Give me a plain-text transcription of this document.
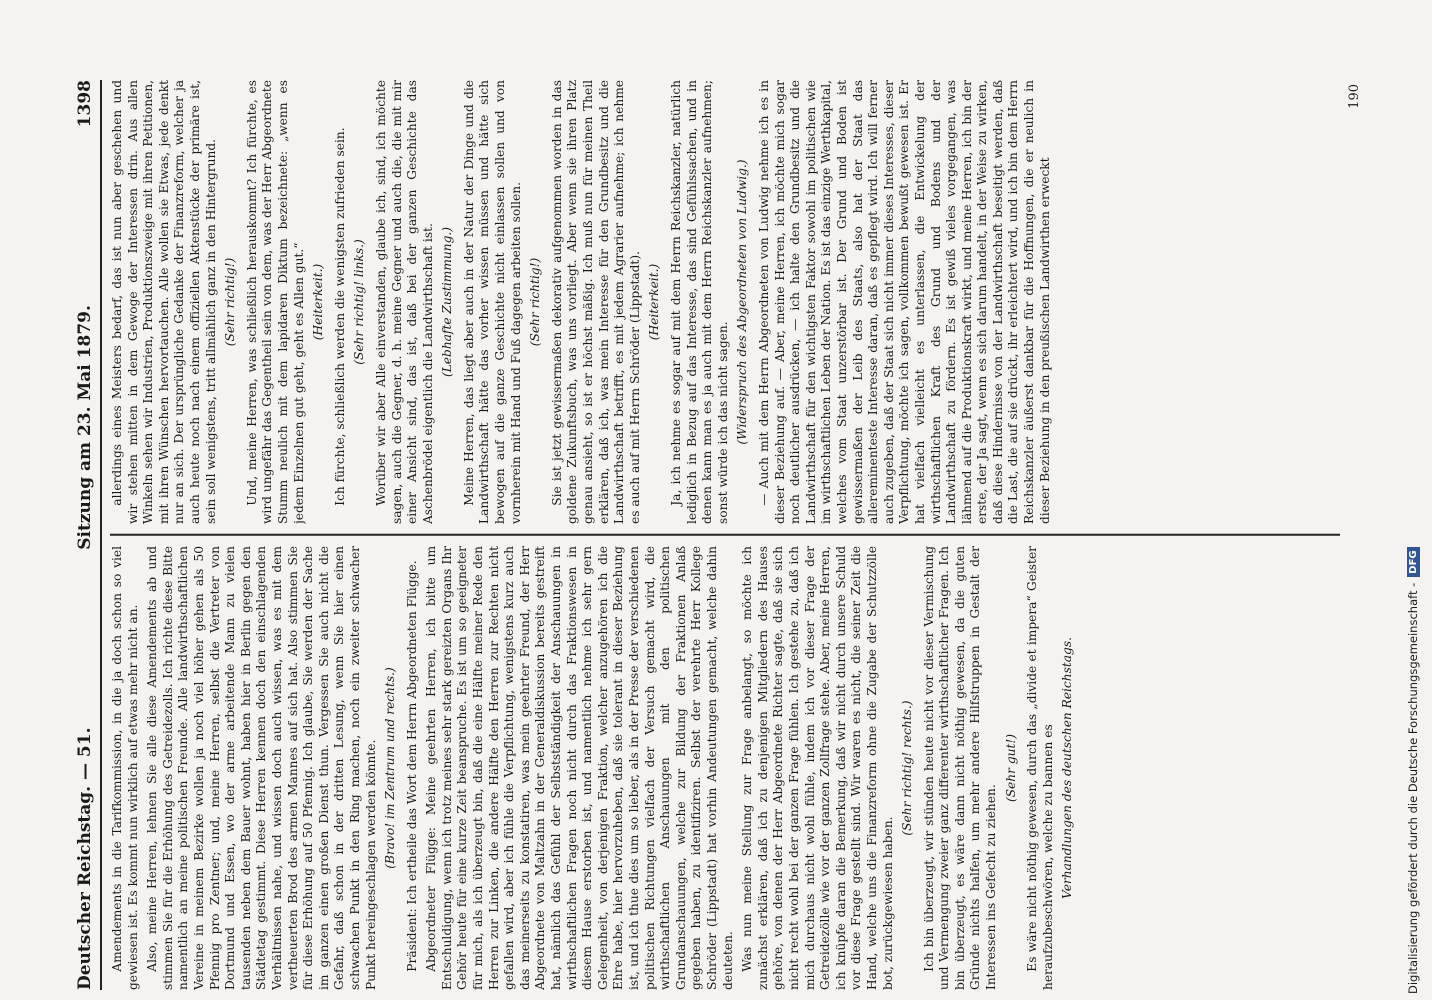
Deutscher Reichstag. — 51.
Sitzung am 23. Mai 1879.
1398

Amendements in die Tarifkommission, in die ja doch schon so viel gewiesen ist. Es kommt nun wirklich auf etwas mehr nicht an. Also, meine Herren, lehnen Sie alle diese Amendements ab und stimmen Sie für die Erhöhung des Getreidezolls. Ich richte diese Bitte namentlich an meine politischen Freunde. Alle landwirthschaftlichen Vereine in meinem Bezirke wollen ja noch viel höher gehen als 50 Pfennig pro Zentner; und, meine Herren, selbst die Vertreter von Dortmund und Essen, wo der arme arbeitende Mann zu vielen tausenden neben dem Bauer wohnt, haben hier in Berlin gegen den Städtetag gestimmt. Diese Herren kennen doch den einschlagenden Verhältnissen nahe, und wissen doch auch wissen, was es mit dem vertheuerten Brod des armen Mannes auf sich hat. Also stimmen Sie für diese Erhöhung auf 50 Pfennig. Ich glaube, Sie werden der Sache im ganzen einen großen Dienst thun. Vergessen Sie auch nicht die Gefahr, daß schon in der dritten Lesung, wenn Sie hier einen schwachen Punkt in den Ring machen, noch ein zweiter schwacher Punkt hereingeschlagen werden könnte. (Bravo! im Zentrum und rechts.) Präsident: Ich ertheile das Wort dem Herrn Abgeordneten Flügge. Abgeordneter Flügge: Meine geehrten Herren, ich bitte um Entschuldigung, wenn ich trotz meines sehr stark gereizten Organs Ihr Gehör heute für eine kurze Zeit beanspruche. Es ist um so geeigneter für mich, als ich überzeugt bin, daß die eine Hälfte meiner Rede den Herren zur Linken, die andere Hälfte den Herren zur Rechten nicht gefallen wird, aber ich fühle die Verpflichtung, wenigstens kurz auch das meinerseits zu konstatiren, was mein geehrter Freund, der Herr Abgeordnete von Maltzahn in der Generaldiskussion bereits gestreift hat, nämlich das Gefühl der Selbstständigkeit der Anschauungen in wirthschaftlichen Fragen noch nicht durch das Fraktionswesen in diesem Hause erstorben ist, und namentlich nehme ich sehr gern Gelegenheit, von derjenigen Fraktion, welcher anzugehören ich die Ehre habe, hier hervorzuheben, daß sie tolerant in dieser Beziehung ist, und ich thue dies um so lieber, als in der Presse der verschiedenen politischen Richtungen vielfach der Versuch gemacht wird, die wirthschaftlichen Anschauungen mit den politischen Grundanschauungen, welche zur Bildung der Fraktionen Anlaß gegeben haben, zu identifiziren. Selbst der verehrte Herr Kollege Schröder (Lippstadt) hat vorhin Andeutungen gemacht, welche dahin deuteten. Was nun meine Stellung zur Frage anbelangt, so möchte ich zunächst erklären, daß ich zu denjenigen Mitgliedern des Hauses gehöre, von denen der Herr Abgeordnete Richter sagte, daß sie sich nicht recht wohl bei der ganzen Frage fühlen. Ich gestehe zu, daß ich mich durchaus nicht wohl fühle, indem ich vor dieser Frage der Getreidezölle wie vor der ganzen Zollfrage stehe. Aber, meine Herren, ich knüpfe daran die Bemerkung, daß wir nicht durch unsere Schuld vor diese Frage gestellt sind. Wir waren es nicht, die seiner Zeit die Hand, welche uns die Finanzreform ohne die Zugabe der Schutzzölle bot, zurückgewiesen haben.

(Sehr richtig! rechts.) Ich bin überzeugt, wir stünden heute nicht vor dieser Vermischung und Vermengung zweier ganz differenter wirthschaftlicher Fragen. Ich bin überzeugt, es wäre dann nicht nöthig gewesen, da die guten Gründe nichts halfen, um mehr andere Hilfstruppen in Gestalt der Interessen ins Gefecht zu ziehen.

(Sehr gut!) Es wäre nicht nöthig gewesen, durch das „divide et impera“ Geister heraufzubeschwören, welche zu bannen es Verhandlungen des deutschen Reichstags.

allerdings eines Meisters bedarf, das ist nun aber geschehen und wir stehen mitten in dem Gewoge der Interessen drin. Aus allen Winkeln sehen wir Industrien, Produktionszweige mit ihren Petitionen, mit ihren Wünschen hervortauchen. Alle wollen sie Etwas, jede denkt nur an sich. Der ursprüngliche Gedanke der Finanzreform, welcher ja auch heute noch nach einem offiziellen Aktenstücke der primäre ist, sein soll wenigstens, tritt allmählich ganz in den Hintergrund. (Sehr richtig!) Und, meine Herren, was schließlich herauskommt? Ich fürchte, es wird ungefähr das Gegentheil sein von dem, was der Herr Abgeordnete Stumm neulich mit dem lapidaren Diktum bezeichnete: „wenn es jedem Einzelnen gut geht, geht es Allen gut.“ (Heiterkeit.) Ich fürchte, schließlich werden die wenigsten zufrieden sein. (Sehr richtig! links.) Worüber wir aber Alle einverstanden, glaube ich, sind, ich möchte sagen, auch die Gegner, d. h. meine Gegner und auch die, die mit mir einer Ansicht sind, das ist, daß bei der ganzen Geschichte das Aschenbrödel eigentlich die Landwirthschaft ist. (Lebhafte Zustimmung.) Meine Herren, das liegt aber auch in der Natur der Dinge und die Landwirthschaft hätte das vorher wissen müssen und hätte sich bewogen auf die ganze Geschichte nicht einlassen sollen und von vornherein mit Hand und Fuß dagegen arbeiten sollen. (Sehr richtig!) Sie ist jetzt gewissermaßen dekorativ aufgenommen worden in das goldene Zukunftsbuch, was uns vorliegt. Aber wenn sie ihren Platz genau ansieht, so ist er höchst mäßig. Ich muß nun für meinen Theil erklären, daß ich, was mein Interesse für den Grundbesitz und die Landwirthschaft betrifft, es mit jedem Agrarier aufnehme; ich nehme es auch auf mit Herrn Schröder (Lippstadt). (Heiterkeit.) Ja, ich nehme es sogar auf mit dem Herrn Reichskanzler, natürlich lediglich in Bezug auf das Interesse, das sind Gefühlssachen, und in denen kann man es ja auch mit dem Herrn Reichskanzler aufnehmen; sonst würde ich das nicht sagen. (Widerspruch des Abgeordneten von Ludwig.) — Auch mit dem Herrn Abgeordneten von Ludwig nehme ich es in dieser Beziehung auf. — Aber, meine Herren, ich möchte mich sogar noch deutlicher ausdrücken, — ich halte den Grundbesitz und die Landwirthschaft für den wichtigsten Faktor sowohl im politischen wie im wirthschaftlichen Leben der Nation. Es ist das einzige Werthkapital, welches vom Staat unzerstörbar ist. Der Grund und Boden ist gewissermaßen der Leib des Staats, also hat der Staat das allereminenteste Interesse daran, daß es gepflegt wird. Ich will ferner auch zugeben, daß der Staat sich nicht immer dieses Interesses, dieser Verpflichtung, möchte ich sagen, vollkommen bewußt gewesen ist. Er hat vielfach vielleicht es unterlassen, die Entwickelung der wirthschaftlichen Kraft des Grund und Bodens und der Landwirthschaft zu fördern. Es ist gewiß vieles vorgegangen, was lähmend auf die Produktionskraft wirkt, und meine Herren, ich bin der erste, der Ja sagt, wenn es sich darum handelt, in der Weise zu wirken, daß diese Hindernisse von der Landwirthschaft beseitigt werden, daß die Last, die auf sie drückt, ihr erleichtert wird, und ich bin dem Herrn Reichskanzler äußerst dankbar für die Hoffnungen, die er neulich in dieser Beziehung in den preußischen Landwirthen erweckt

190
Digitalisierung gefördert durch die Deutsche Forschungsgemeinschaft -
DFG
